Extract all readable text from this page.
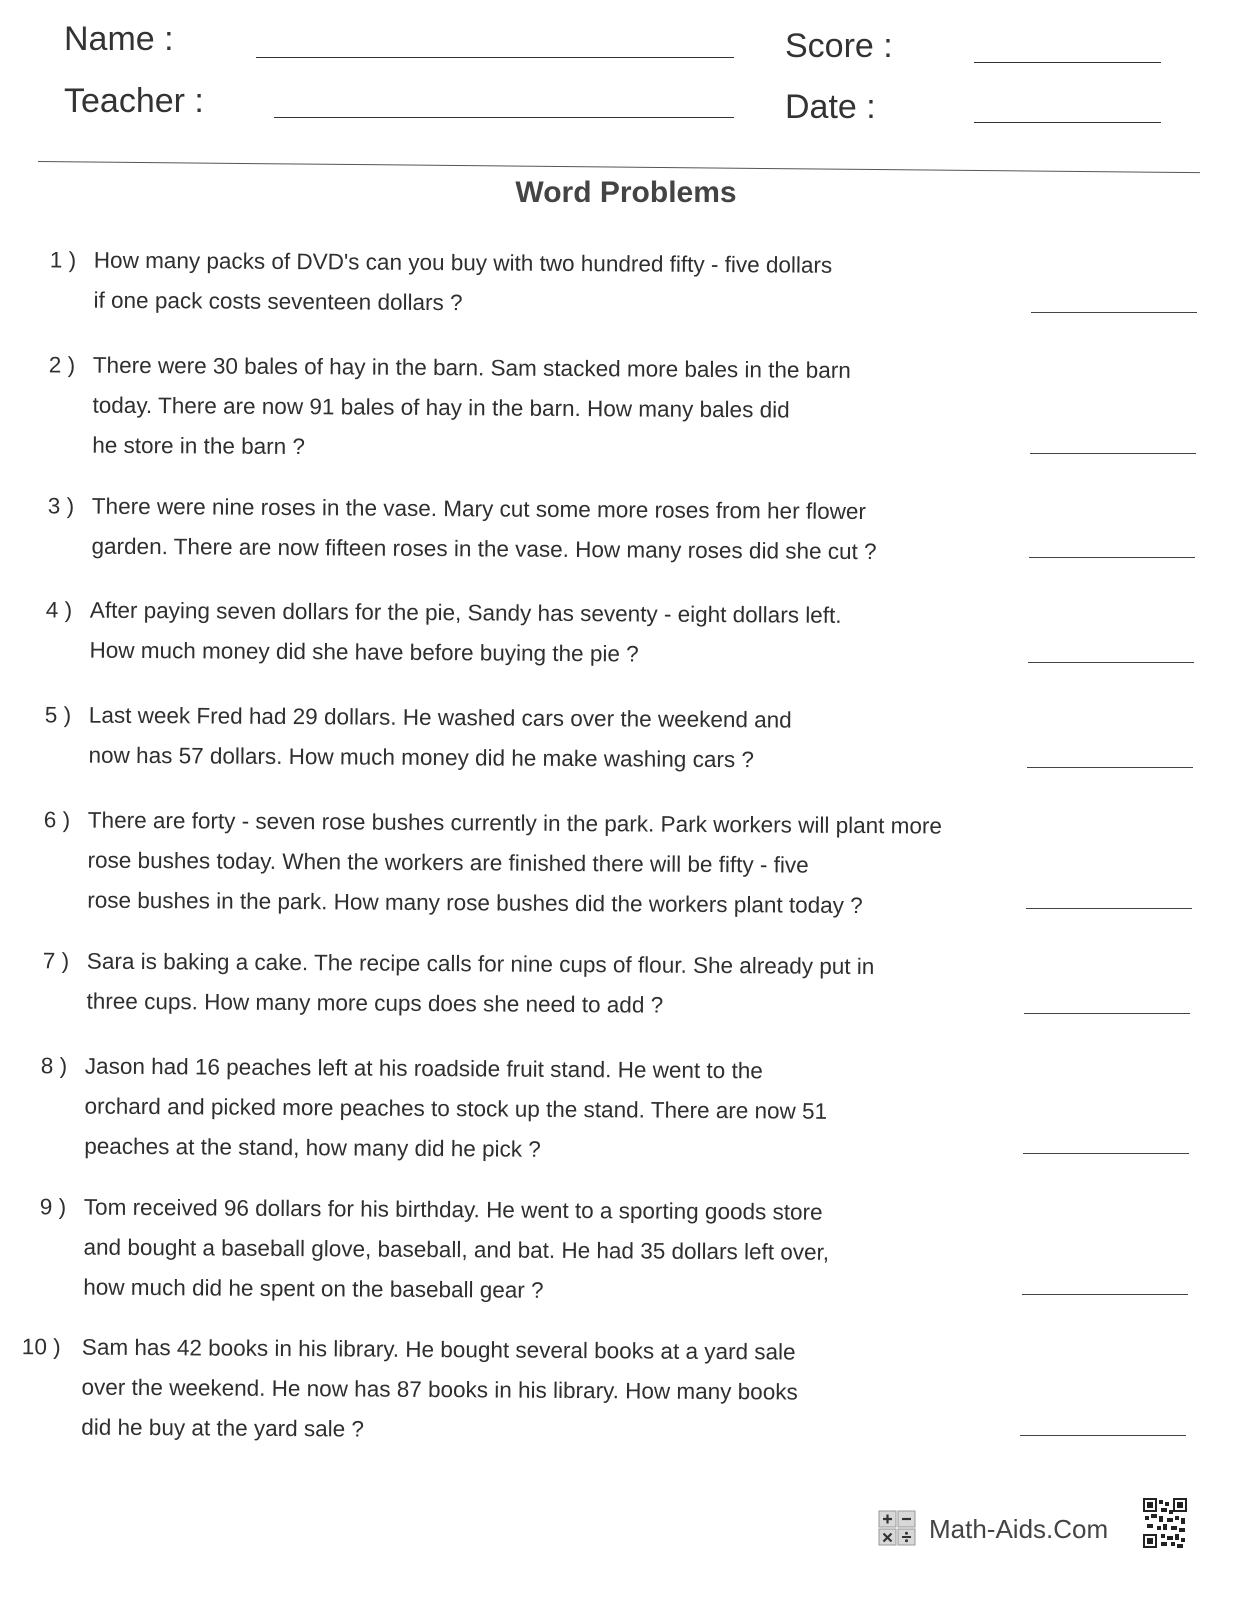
Name :
Teacher :
Score :
Date :
Word Problems
1 ) How many packs of DVD's can you buy with two hundred fifty - five dollars
if one pack costs seventeen dollars ?
2 ) There were 30 bales of hay in the barn. Sam stacked more bales in the barn
today. There are now 91 bales of hay in the barn. How many bales did
he store in the barn ?
3 ) There were nine roses in the vase. Mary cut some more roses from her flower
garden. There are now fifteen roses in the vase. How many roses did she cut ?
4 ) After paying seven dollars for the pie, Sandy has seventy - eight dollars left.
How much money did she have before buying the pie ?
5 ) Last week Fred had 29 dollars. He washed cars over the weekend and
now has 57 dollars. How much money did he make washing cars ?
6 ) There are forty - seven rose bushes currently in the park. Park workers will plant more
rose bushes today. When the workers are finished there will be fifty - five
rose bushes in the park. How many rose bushes did the workers plant today ?
7 ) Sara is baking a cake. The recipe calls for nine cups of flour. She already put in
three cups. How many more cups does she need to add ?
8 ) Jason had 16 peaches left at his roadside fruit stand. He went to the
orchard and picked more peaches to stock up the stand. There are now 51
peaches at the stand, how many did he pick ?
9 ) Tom received 96 dollars for his birthday. He went to a sporting goods store
and bought a baseball glove, baseball, and bat. He had 35 dollars left over,
how much did he spent on the baseball gear ?
10 ) Sam has 42 books in his library. He bought several books at a yard sale
over the weekend. He now has 87 books in his library. How many books
did he buy at the yard sale ?
Math-Aids.Com
